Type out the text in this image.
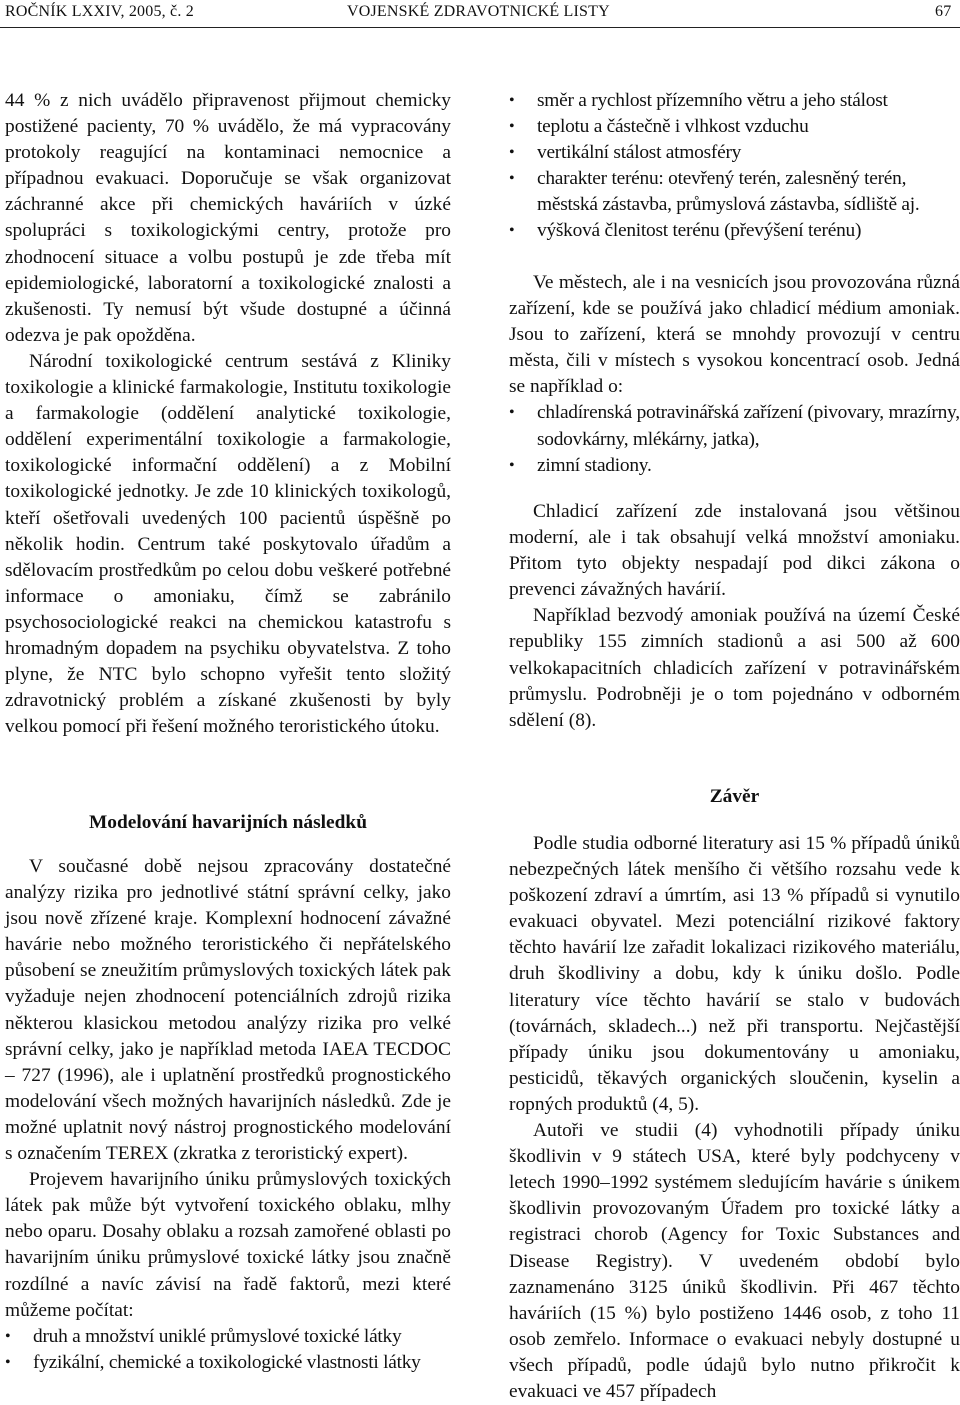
ROČNÍK LXXIV, 2005, č. 2	VOJENSKÉ ZDRAVOTNICKÉ LISTY	67

44 % z nich uvádělo připravenost přijmout chemicky postižené pacienty, 70 % uvádělo, že má vypracovány protokoly reagující na kontaminaci nemocnice a případnou evakuaci. Doporučuje se však organizovat záchranné akce při chemických haváriích v úzké spolupráci s toxikologickými centry, protože pro zhodnocení situace a volbu postupů je zde třeba mít epidemiologické, laboratorní a toxikologické znalosti a zkušenosti. Ty nemusí být všude dostupné a účinná odezva je pak opožděna.

Národní toxikologické centrum sestává z Kliniky toxikologie a klinické farmakologie, Institutu toxikologie a farmakologie (oddělení analytické toxikologie, oddělení experimentální toxikologie a farmakologie, toxikologické informační oddělení) a z Mobilní toxikologické jednotky. Je zde 10 klinických toxikologů, kteří ošetřovali uvedených 100 pacientů úspěšně po několik hodin. Centrum také poskytovalo úřadům a sdělovacím prostředkům po celou dobu veškeré potřebné informace o amoniaku, čímž se zabránilo psychosociologické reakci na chemickou katastrofu s hromadným dopadem na psychiku obyvatelstva. Z toho plyne, že NTC bylo schopno vyřešit tento složitý zdravotnický problém a získané zkušenosti by byly velkou pomocí při řešení možného teroristického útoku.

Modelování havarijních následků

V současné době nejsou zpracovány dostatečné analýzy rizika pro jednotlivé státní správní celky, jako jsou nově zřízené kraje. Komplexní hodnocení závažné havárie nebo možného teroristického či nepřátelského působení se zneužitím průmyslových toxických látek pak vyžaduje nejen zhodnocení potenciálních zdrojů rizika některou klasickou metodou analýzy rizika pro velké správní celky, jako je například metoda IAEA TECDOC – 727 (1996), ale i uplatnění prostředků prognostického modelování všech možných havarijních následků. Zde je možné uplatnit nový nástroj prognostického modelování s označením TEREX (zkratka z teroristický expert).

Projevem havarijního úniku průmyslových toxických látek pak může být vytvoření toxického oblaku, mlhy nebo oparu. Dosahy oblaku a rozsah zamořené oblasti po havarijním úniku průmyslové toxické látky jsou značně rozdílné a navíc závisí na řadě faktorů, mezi které můžeme počítat:

• druh a množství uniklé průmyslové toxické látky
• fyzikální, chemické a toxikologické vlastnosti látky
• směr a rychlost přízemního větru a jeho stálost
• teplotu a částečně i vlhkost vzduchu
• vertikální stálost atmosféry
• charakter terénu: otevřený terén, zalesněný terén, městská zástavba, průmyslová zástavba, sídliště aj.
• výšková členitost terénu (převýšení terénu)

Ve městech, ale i na vesnicích jsou provozována různá zařízení, kde se používá jako chladicí médium amoniak. Jsou to zařízení, která se mnohdy provozují v centru města, čili v místech s vysokou koncentrací osob. Jedná se například o:

• chladírenská potravinářská zařízení (pivovary, mrazírny, sodovkárny, mlékárny, jatka),
• zimní stadiony.

Chladicí zařízení zde instalovaná jsou většinou moderní, ale i tak obsahují velká množství amoniaku. Přitom tyto objekty nespadají pod dikci zákona o prevenci závažných havárií.

Například bezvodý amoniak používá na území České republiky 155 zimních stadionů a asi 500 až 600 velkokapacitních chladicích zařízení v potravinářském průmyslu. Podrobněji je o tom pojednáno v odborném sdělení (8).

Závěr

Podle studia odborné literatury asi 15 % případů úniků nebezpečných látek menšího či většího rozsahu vede k poškození zdraví a úmrtím, asi 13 % případů si vynutilo evakuaci obyvatel. Mezi potenciální rizikové faktory těchto havárií lze zařadit lokalizaci rizikového materiálu, druh škodliviny a dobu, kdy k úniku došlo. Podle literatury více těchto havárií se stalo v budovách (továrnách, skladech...) než při transportu. Nejčastější případy úniku jsou dokumentovány u amoniaku, pesticidů, těkavých organických sloučenin, kyselin a ropných produktů (4, 5).

Autoři ve studii (4) vyhodnotili případy úniku škodlivin v 9 státech USA, které byly podchyceny v letech 1990–1992 systémem sledujícím havárie s únikem škodlivin provozovaným Úřadem pro toxické látky a registraci chorob (Agency for Toxic Substances and Disease Registry). V uvedeném období bylo zaznamenáno 3125 úniků škodlivin. Při 467 těchto haváriích (15 %) bylo postiženo 1446 osob, z toho 11 osob zemřelo. Informace o evakuaci nebyly dostupné u všech případů, podle údajů bylo nutno přikročit k evakuaci ve 457 případech
